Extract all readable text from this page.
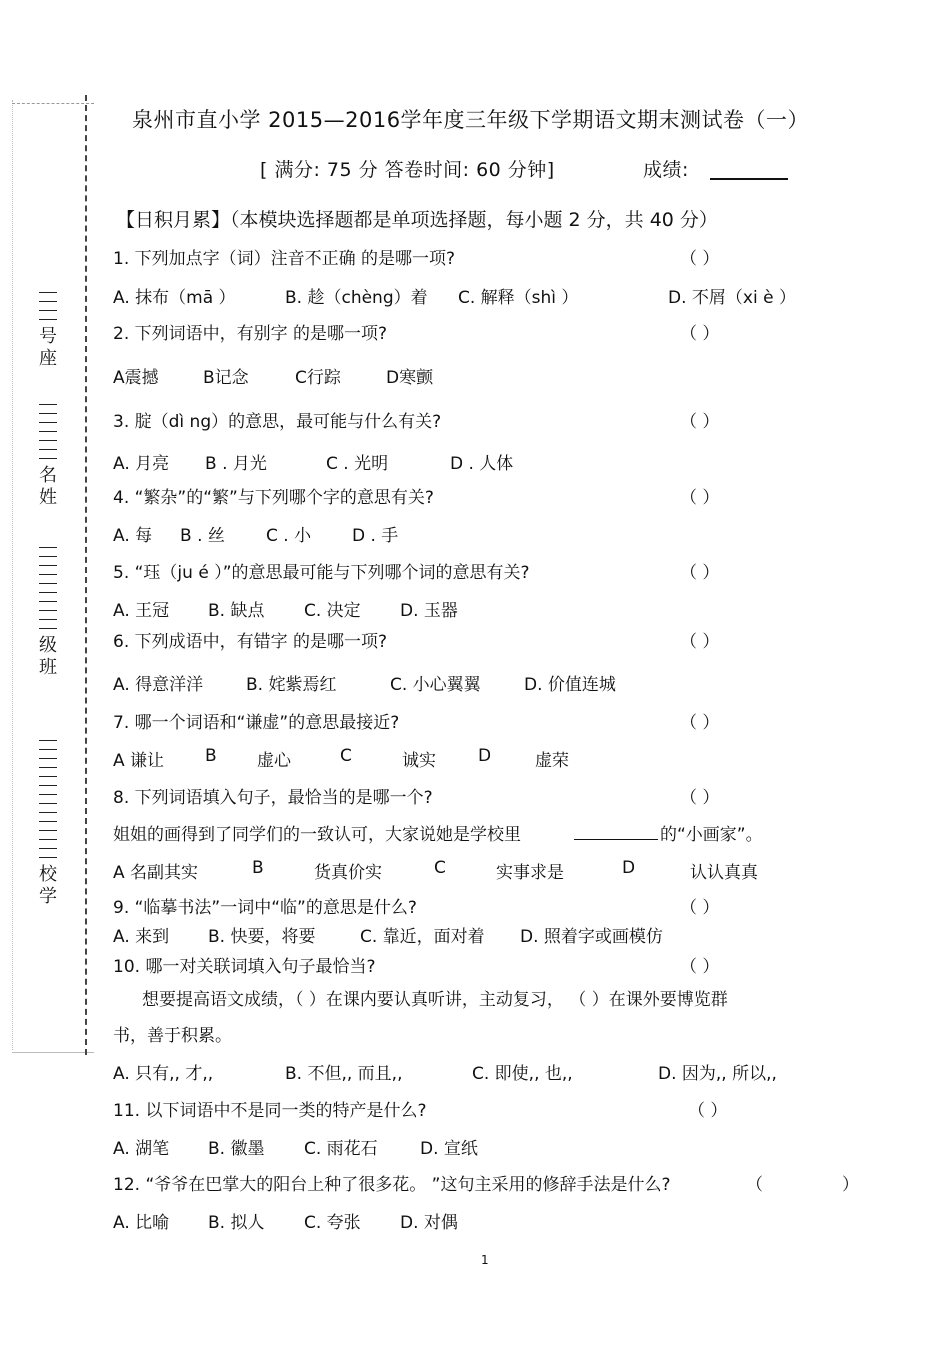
号
座
名
姓
级
班
校
学
泉州市直小学 2015—2016学年度三年级下学期语文期末测试卷（一）
[ 满分: 75 分 答卷时间: 60 分钟]	成绩:
【日积月累】（本模块选择题都是单项选择题，每小题 2 分，共 40 分）
1. 下列加点字（词）注音不正确 的是哪一项?	（ ）
A. 抹布（mā ）	B. 趁（chèng）着 C. 解释（shì ）	D. 不屑（xi è ）
2. 下列词语中，有别字 的是哪一项?	（ ）
A震撼	B记念	C行踪	D寒颤
3. 腚（dì ng）的意思，最可能与什么有关?	（ ）
A. 月亮 B . 月光	C . 光明	D . 人体
4. “繁杂”的“繁”与下列哪个字的意思有关?	（ ）
A. 每 B . 丝 C . 小 D . 手
5. “珏（ju é ）”的意思最可能与下列哪个词的意思有关?	（ ）
A. 王冠 B. 缺点 C. 决定 D. 玉器
6. 下列成语中，有错字 的是哪一项?	（ ）
A. 得意洋洋	B. 姹紫焉红	C. 小心翼翼	D. 价值连城
7. 哪一个词语和“谦虚”的意思最接近?	（ ）
A 谦让 B 虚心	C	诚实 D	虚荣
8. 下列词语填入句子，最恰当的是哪一个?	（ ）
姐姐的画得到了同学们的一致认可，大家说她是学校里	的“小画家”。
A 名副其实	B	货真价实	C	实事求是	D	认认真真
9. “临摹书法”一词中“临”的意思是什么?	（ ）
A. 来到 B. 快要，将要	C. 靠近，面对着 D. 照着字或画模仿
10. 哪一对关联词填入句子最恰当?	（ ）
想要提高语文成绩，（ ）在课内要认真听讲，主动复习， （ ）在课外要博览群
书，善于积累。
A. 只有,, 才,,	B. 不但,, 而且,,	C. 即使,, 也,,	D. 因为,, 所以,,
11. 以下词语中不是同一类的特产是什么?	（ ）
A. 湖笔 B. 徽墨 C. 雨花石 D. 宣纸
12. “爷爷在巴掌大的阳台上种了很多花。 ”这句主采用的修辞手法是什么?	（	）
A. 比喻 B. 拟人 C. 夸张 D. 对偶
1
